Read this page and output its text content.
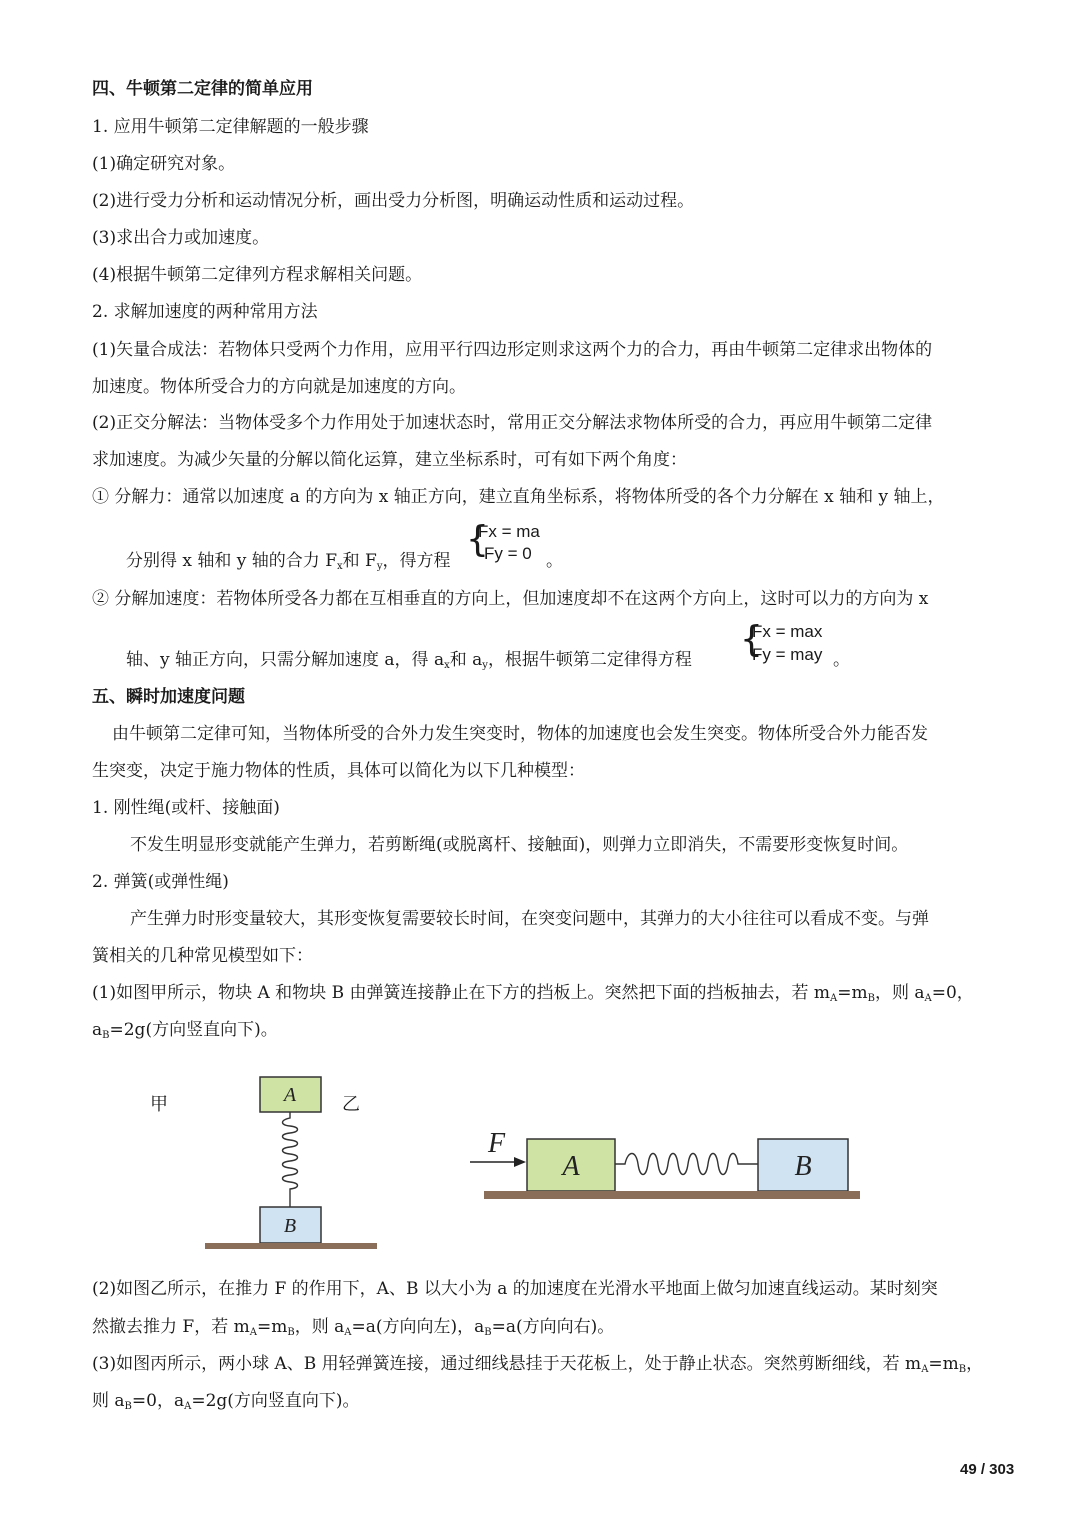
四、牛顿第二定律的简单应用
1. 应用牛顿第二定律解题的一般步骤
(1)确定研究对象。
(2)进行受力分析和运动情况分析，画出受力分析图，明确运动性质和运动过程。
(3)求出合力或加速度。
(4)根据牛顿第二定律列方程求解相关问题。
2. 求解加速度的两种常用方法
(1)矢量合成法：若物体只受两个力作用，应用平行四边形定则求这两个力的合力，再由牛顿第二定律求出物体的
加速度。物体所受合力的方向就是加速度的方向。
(2)正交分解法：当物体受多个力作用处于加速状态时，常用正交分解法求物体所受的合力，再应用牛顿第二定律
求加速度。为减少矢量的分解以简化运算，建立坐标系时，可有如下两个角度：
① 分解力：通常以加速度 a 的方向为 x 轴正方向，建立直角坐标系，将物体所受的各个力分解在 x 轴和 y 轴上，
分别得 x 轴和 y 轴的合力 $F_x$和 $F_y$，得方程
{
Fx = ma
Fy = 0 。
② 分解加速度：若物体所受各力都在互相垂直的方向上，但加速度却不在这两个方向上，这时可以力的方向为 x
轴、y 轴正方向，只需分解加速度 a，得 $a_x$和 $a_y$，根据牛顿第二定律得方程 {
Fx = max
Fy = may 。
五、瞬时加速度问题
由牛顿第二定律可知，当物体所受的合外力发生突变时，物体的加速度也会发生突变。物体所受合外力能否发
生突变，决定于施力物体的性质，具体可以简化为以下几种模型：
1. 刚性绳(或杆、接触面)
不发生明显形变就能产生弹力，若剪断绳(或脱离杆、接触面)，则弹力立即消失，不需要形变恢复时间。
2. 弹簧(或弹性绳)
产生弹力时形变量较大，其形变恢复需要较长时间，在突变问题中，其弹力的大小往往可以看成不变。与弹
簧相关的几种常见模型如下：
(1)如图甲所示，物块 A 和物块 B 由弹簧连接静止在下方的挡板上。突然把下面的挡板抽去，若 $m_A=m_B$，则 $a_A=0$，
$a_B=2g$(方向竖直向下)。
甲	乙
A
B
F
A	B
(2)如图乙所示，在推力 F 的作用下，A、B 以大小为 a 的加速度在光滑水平地面上做匀加速直线运动。某时刻突
然撤去推力 F，若 $m_A=m_B$，则 $a_A=a$(方向向左)，$a_B=a$(方向向右)。
(3)如图丙所示，两小球 A、B 用轻弹簧连接，通过细线悬挂于天花板上，处于静止状态。突然剪断细线，若 $m_A=m_B$，
则 $a_B=0$，$a_A=2g$(方向竖直向下)。
49 / 303
